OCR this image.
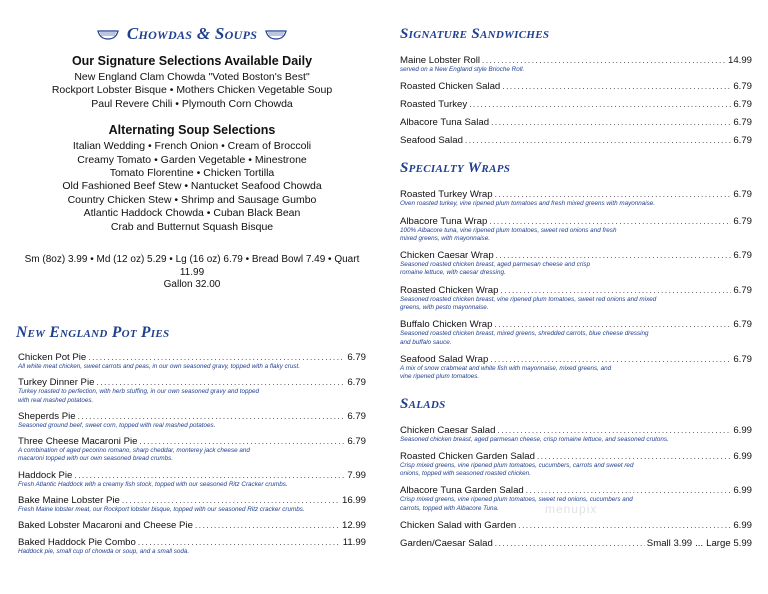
Chowdas & Soups
Our Signature Selections Available Daily
New England Clam Chowda "Voted Boston's Best"
Rockport Lobster Bisque • Mothers Chicken Vegetable Soup
Paul Revere Chili • Plymouth Corn Chowda
Alternating Soup Selections
Italian Wedding • French Onion • Cream of Broccoli
Creamy Tomato • Garden Vegetable • Minestrone
Tomato Florentine • Chicken Tortilla
Old Fashioned Beef Stew • Nantucket Seafood Chowda
Country Chicken Stew • Shrimp and Sausage Gumbo
Atlantic Haddock Chowda • Cuban Black Bean
Crab and Butternut Squash Bisque
Sm (8oz) 3.99 • Md (12 oz) 5.29 • Lg (16 oz) 6.79 • Bread Bowl 7.49 • Quart 11.99
Gallon 32.00
New England Pot Pies
Chicken Pot Pie .....	6.79
All white meat chicken, sweet carrots and peas, in our own seasoned gravy, topped with a flaky crust.
Turkey Dinner Pie .....	6.79
Turkey roasted to perfection, with herb stuffing, in our own seasoned gravy and topped with real mashed potatoes.
Sheperds Pie .....	6.79
Seasoned ground beef, sweet corn, topped with real mashed potatoes.
Three Cheese Macaroni Pie .....	6.79
A combination of aged pecorino romano, sharp cheddar, monterey jack cheese and macaroni topped with our own seasoned bread crumbs.
Haddock Pie .....	7.99
Fresh Atlantic Haddock with a creamy fish stock, topped with our seasoned Ritz Cracker crumbs.
Bake Maine Lobster Pie .....	16.99
Fresh Maine lobster meat, our Rockport lobster bisque, topped with our seasoned Ritz cracker crumbs.
Baked Lobster Macaroni and Cheese Pie .....	12.99
Baked Haddock Pie Combo .....	11.99
Haddock pie, small cup of chowda or soup, and a small soda.
Signature Sandwiches
Maine Lobster Roll .....	14.99
served on a New England style Brioche Roll.
Roasted Chicken Salad .....	6.79
Roasted Turkey .....	6.79
Albacore Tuna Salad .....	6.79
Seafood Salad .....	6.79
Specialty Wraps
Roasted Turkey Wrap .....	6.79
Oven roasted turkey, vine ripened plum tomatoes and fresh mixed greens with mayonnaise.
Albacore Tuna Wrap .....	6.79
100% Albacore tuna, vine ripened plum tomatoes, sweet red onions and fresh mixed greens, with mayonnaise.
Chicken Caesar Wrap .....	6.79
Seasoned roasted chicken breast, aged parmesan cheese and crisp romaine lettuce, with caesar dressing.
Roasted Chicken Wrap .....	6.79
Seasoned roasted chicken breast, vine ripened plum tomatoes, sweet red onions and mixed greens, with pesto mayonnaise.
Buffalo Chicken Wrap .....	6.79
Seasoned roasted chicken breast, mixed greens, shredded carrots, blue cheese dressing and buffalo sauce.
Seafood Salad Wrap .....	6.79
A mix of snow crabmeat and white fish with mayonnaise, mixed greens, and vine ripened plum tomatoes.
Salads
Chicken Caesar Salad .....	6.99
Seasoned chicken breast, aged parmesan cheese, crisp romaine lettuce, and seasoned crutons.
Roasted Chicken Garden Salad .....	6.99
Crisp mixed greens, vine ripened plum tomatoes, cucumbers, carrots and sweet red onions, topped with seasoned roasted chicken.
Albacore Tuna Garden Salad .....	6.99
Crisp mixed greens, vine ripened plum tomatoes, sweet red onions, cucumbers and carrots, topped with Albacore Tuna.
Chicken Salad with Garden .....	6.99
Garden/Caesar Salad .....	Small 3.99 ... Large 5.99
menupix
